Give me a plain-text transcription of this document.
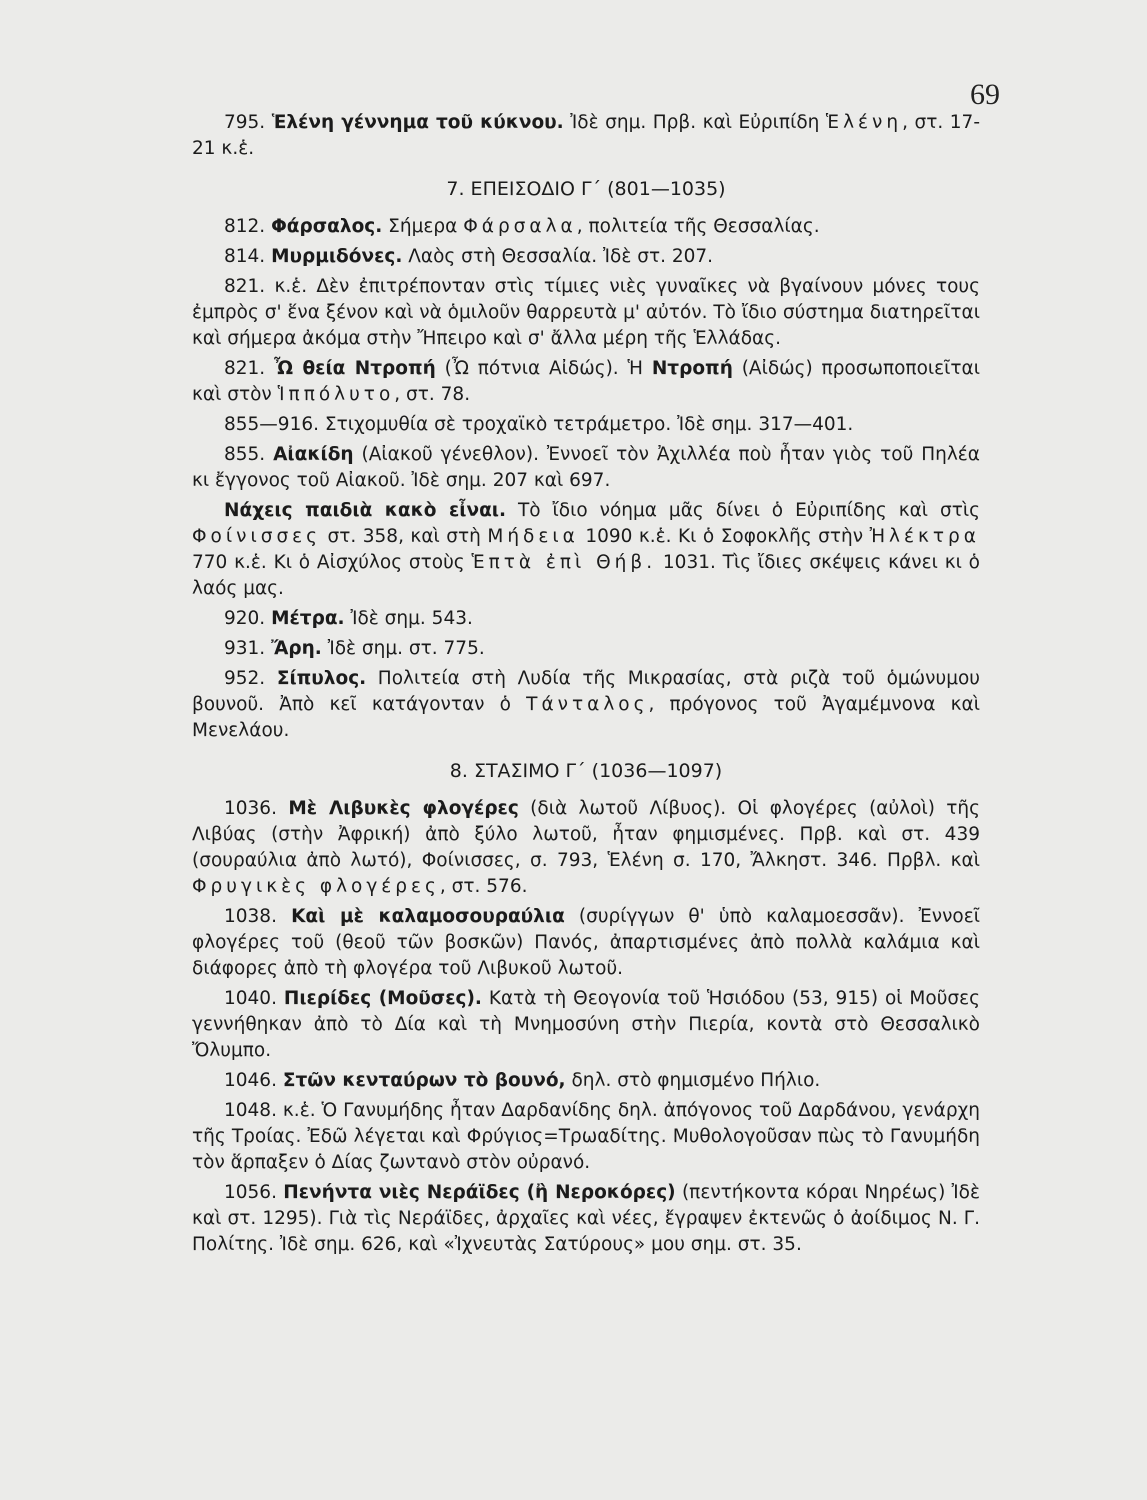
69

795. Ἑλένη γέννημα τοῦ κύκνου. Ἰδὲ σημ. Πρβ. καὶ Εὐριπίδη Ἑλένη, στ. 17-21 κ.ἑ.

7. ΕΠΕΙΣΟΔΙΟ Γ΄ (801—1035)

812. Φάρσαλος. Σήμερα Φάρσαλα, πολιτεία τῆς Θεσσαλίας.

814. Μυρμιδόνες. Λαὸς στὴ Θεσσαλία. Ἰδὲ στ. 207.

821. κ.ἑ. Δὲν ἐπιτρέπονταν στὶς τίμιες νιὲς γυναῖκες νὰ βγαίνουν μόνες τους ἐμπρὸς σ' ἕνα ξένον καὶ νὰ ὁμιλοῦν θαρρευτὰ μ' αὐτόν. Τὸ ἴδιο σύστημα διατηρεῖται καὶ σήμερα ἀκόμα στὴν Ἤπειρο καὶ σ' ἄλλα μέρη τῆς Ἑλλάδας.

821. Ὦ θεία Ντροπή (Ὦ πότνια Αἰδώς). Ἡ Ντροπή (Αἰδώς) προσωποποιεῖται καὶ στὸν Ἱππόλυτο, στ. 78.

855—916. Στιχομυθία σὲ τροχαϊκὸ τετράμετρο. Ἰδὲ σημ. 317—401.

855. Αἰακίδη (Αἰακοῦ γένεθλον). Ἐννοεῖ τὸν Ἀχιλλέα ποὺ ἦταν γιὸς τοῦ Πηλέα κι ἔγγονος τοῦ Αἰακοῦ. Ἰδὲ σημ. 207 καὶ 697.

Νάχεις παιδιὰ κακὸ εἶναι. Τὸ ἴδιο νόημα μᾶς δίνει ὁ Εὐριπίδης καὶ στὶς Φοίνισσες στ. 358, καὶ στὴ Μήδεια 1090 κ.ἑ. Κι ὁ Σοφοκλῆς στὴν Ἠλέκτρα 770 κ.ἑ. Κι ὁ Αἰσχύλος στοὺς Ἑπτὰ ἐπὶ Θήβ. 1031. Τὶς ἴδιες σκέψεις κάνει κι ὁ λαός μας.

920. Μέτρα. Ἰδὲ σημ. 543.

931. Ἄρη. Ἰδὲ σημ. στ. 775.

952. Σίπυλος. Πολιτεία στὴ Λυδία τῆς Μικρασίας, στὰ ριζὰ τοῦ ὁμώνυμου βουνοῦ. Ἀπὸ κεῖ κατάγονταν ὁ Τάνταλος, πρόγονος τοῦ Ἀγαμέμνονα καὶ Μενελάου.

8. ΣΤΑΣΙΜΟ Γ΄ (1036—1097)

1036. Μὲ Λιβυκὲς φλογέρες (διὰ λωτοῦ Λίβυος). Οἱ φλογέρες (αὐλοὶ) τῆς Λιβύας (στὴν Ἀφρική) ἀπὸ ξύλο λωτοῦ, ἦταν φημισμένες. Πρβ. καὶ στ. 439 (σουραύλια ἀπὸ λωτό), Φοίνισσες, σ. 793, Ἑλένη σ. 170, Ἄλκηστ. 346. Πρβλ. καὶ Φρυγικὲς φλογέρες, στ. 576.

1038. Καὶ μὲ καλαμοσουραύλια (συρίγγων θ' ὑπὸ καλαμοεσσᾶν). Ἐννοεῖ φλογέρες τοῦ (θεοῦ τῶν βοσκῶν) Πανός, ἀπαρτισμένες ἀπὸ πολλὰ καλάμια καὶ διάφορες ἀπὸ τὴ φλογέρα τοῦ Λιβυκοῦ λωτοῦ.

1040. Πιερίδες (Μοῦσες). Κατὰ τὴ Θεογονία τοῦ Ἡσιόδου (53, 915) οἱ Μοῦσες γεννήθηκαν ἀπὸ τὸ Δία καὶ τὴ Μνημοσύνη στὴν Πιερία, κοντὰ στὸ Θεσσαλικὸ Ὄλυμπο.

1046. Στῶν κενταύρων τὸ βουνό, δηλ. στὸ φημισμένο Πήλιο.

1048. κ.ἑ. Ὁ Γανυμήδης ἦταν Δαρδανίδης δηλ. ἀπόγονος τοῦ Δαρδάνου, γενάρχη τῆς Τροίας. Ἐδῶ λέγεται καὶ Φρύγιος=Τρωαδίτης. Μυθολογοῦσαν πὼς τὸ Γανυμήδη τὸν ἅρπαξεν ὁ Δίας ζωντανὸ στὸν οὐρανό.

1056. Πενήντα νιὲς Νεράϊδες (ἢ Νεροκόρες) (πεντήκοντα κόραι Νηρέως) Ἰδὲ καὶ στ. 1295). Γιὰ τὶς Νεράϊδες, ἀρχαῖες καὶ νέες, ἔγραψεν ἐκτενῶς ὁ ἀοίδιμος Ν. Γ. Πολίτης. Ἰδὲ σημ. 626, καὶ «Ἰχνευτὰς Σατύρους» μου σημ. στ. 35.
